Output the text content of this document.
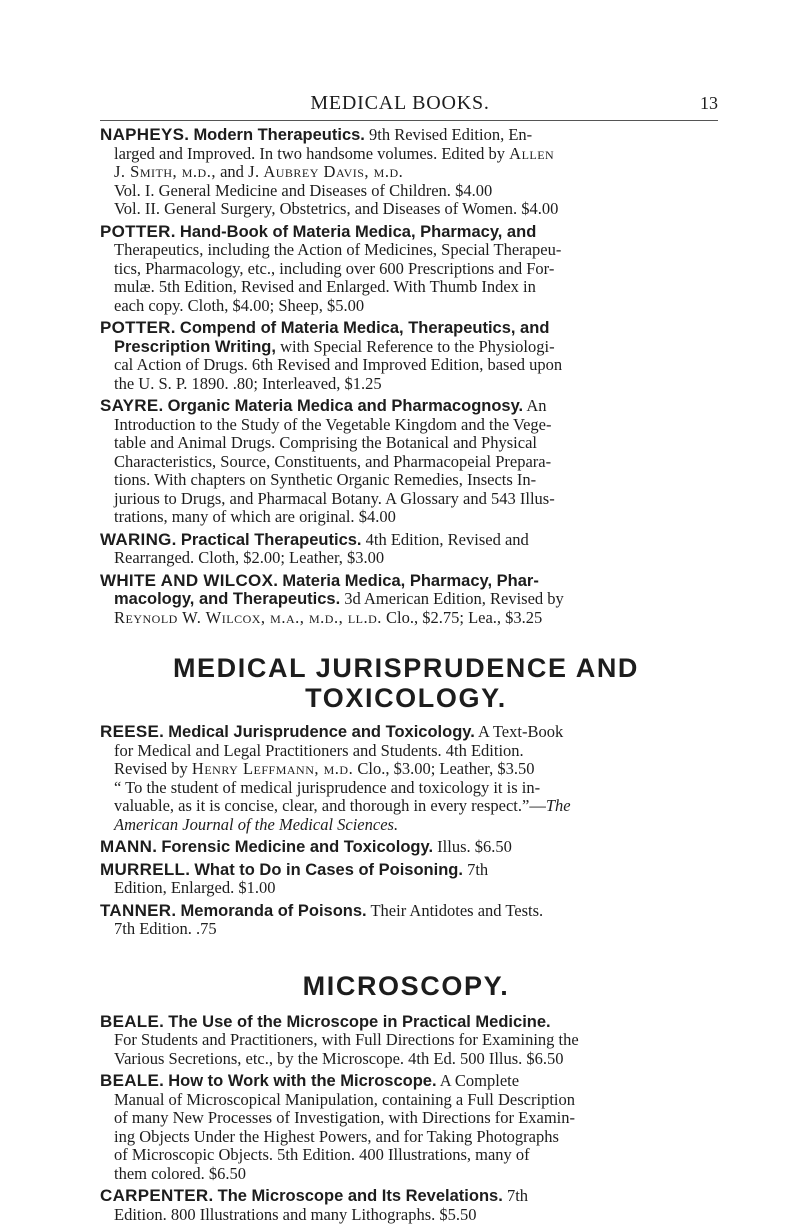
MEDICAL BOOKS.	13
NAPHEYS. Modern Therapeutics. 9th Revised Edition, En-
larged and Improved. In two handsome volumes. Edited by Allen
J. Smith, m.d., and J. Aubrey Davis, m.d.
Vol. I. General Medicine and Diseases of Children. $4.00
Vol. II. General Surgery, Obstetrics, and Diseases of Women. $4.00
POTTER. Hand-Book of Materia Medica, Pharmacy, and
Therapeutics, including the Action of Medicines, Special Therapeu-
tics, Pharmacology, etc., including over 600 Prescriptions and For-
mulæ. 5th Edition, Revised and Enlarged. With Thumb Index in
each copy. Cloth, $4.00; Sheep, $5.00
POTTER. Compend of Materia Medica, Therapeutics, and
Prescription Writing, with Special Reference to the Physiologi-
cal Action of Drugs. 6th Revised and Improved Edition, based upon
the U. S. P. 1890. .80; Interleaved, $1.25
SAYRE. Organic Materia Medica and Pharmacognosy. An
Introduction to the Study of the Vegetable Kingdom and the Vege-
table and Animal Drugs. Comprising the Botanical and Physical
Characteristics, Source, Constituents, and Pharmacopeial Prepara-
tions. With chapters on Synthetic Organic Remedies, Insects In-
jurious to Drugs, and Pharmacal Botany. A Glossary and 543 Illus-
trations, many of which are original. $4.00
WARING. Practical Therapeutics. 4th Edition, Revised and
Rearranged. Cloth, $2.00; Leather, $3.00
WHITE AND WILCOX. Materia Medica, Pharmacy, Phar-
macology, and Therapeutics. 3d American Edition, Revised by
Reynold W. Wilcox, m.a., m.d., ll.d. Clo., $2.75; Lea., $3.25
MEDICAL JURISPRUDENCE AND
TOXICOLOGY.
REESE. Medical Jurisprudence and Toxicology. A Text-Book
for Medical and Legal Practitioners and Students. 4th Edition.
Revised by Henry Leffmann, m.d. Clo., $3.00; Leather, $3.50
“ To the student of medical jurisprudence and toxicology it is in-
valuable, as it is concise, clear, and thorough in every respect.”—The
American Journal of the Medical Sciences.
MANN. Forensic Medicine and Toxicology. Illus. $6.50
MURRELL. What to Do in Cases of Poisoning. 7th
Edition, Enlarged. $1.00
TANNER. Memoranda of Poisons. Their Antidotes and Tests.
7th Edition. .75
MICROSCOPY.
BEALE. The Use of the Microscope in Practical Medicine.
For Students and Practitioners, with Full Directions for Examining the
Various Secretions, etc., by the Microscope. 4th Ed. 500 Illus. $6.50
BEALE. How to Work with the Microscope. A Complete
Manual of Microscopical Manipulation, containing a Full Description
of many New Processes of Investigation, with Directions for Examin-
ing Objects Under the Highest Powers, and for Taking Photographs
of Microscopic Objects. 5th Edition. 400 Illustrations, many of
them colored. $6.50
CARPENTER. The Microscope and Its Revelations. 7th
Edition. 800 Illustrations and many Lithographs. $5.50
